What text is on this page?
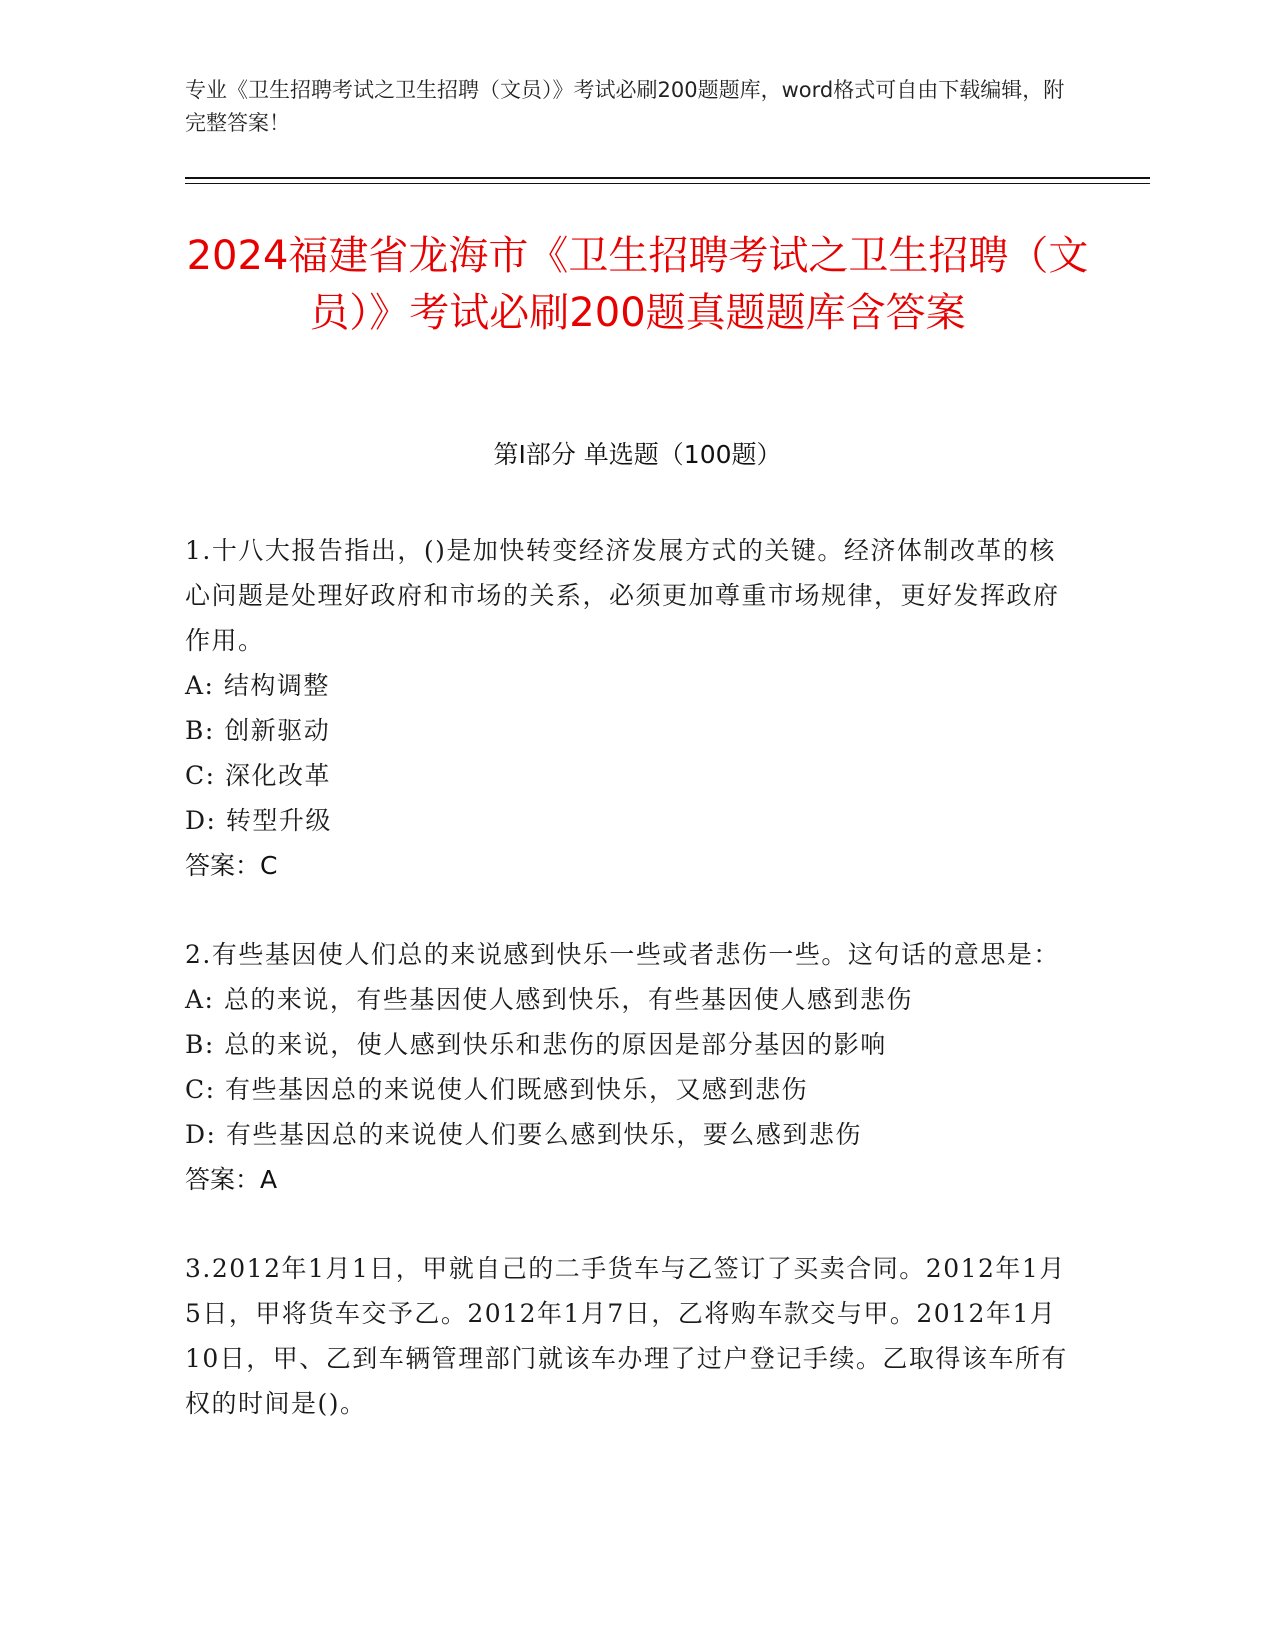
专业《卫生招聘考试之卫生招聘（文员）》考试必刷200题题库，word格式可自由下载编辑，附完整答案！
2024福建省龙海市《卫生招聘考试之卫生招聘（文员）》考试必刷200题真题题库含答案
第Ⅰ部分 单选题（100题）
1.十八大报告指出，()是加快转变经济发展方式的关键。经济体制改革的核心问题是处理好政府和市场的关系，必须更加尊重市场规律，更好发挥政府作用。
A: 结构调整
B: 创新驱动
C: 深化改革
D: 转型升级
答案：C
2.有些基因使人们总的来说感到快乐一些或者悲伤一些。这句话的意思是：
A: 总的来说，有些基因使人感到快乐，有些基因使人感到悲伤
B: 总的来说，使人感到快乐和悲伤的原因是部分基因的影响
C: 有些基因总的来说使人们既感到快乐，又感到悲伤
D: 有些基因总的来说使人们要么感到快乐，要么感到悲伤
答案：A
3.2012年1月1日，甲就自己的二手货车与乙签订了买卖合同。2012年1月5日，甲将货车交予乙。2012年1月7日，乙将购车款交与甲。2012年1月10日，甲、乙到车辆管理部门就该车办理了过户登记手续。乙取得该车所有权的时间是()。
